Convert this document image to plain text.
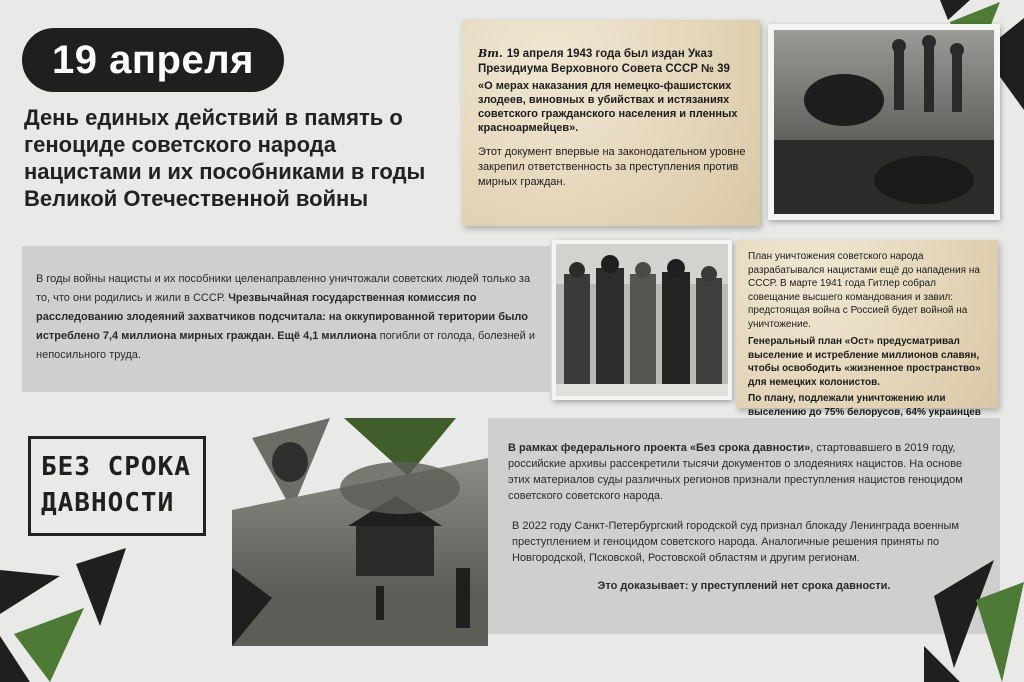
19 апреля
День единых действий в память о геноциде советского народа нацистами и их пособниками в годы Великой Отечественной войны
Вт. 19 апреля 1943 года был издан Указ Президиума Верховного Совета СССР № 39
«О мерах наказания для немецко-фашистских злодеев, виновных в убийствах и истязаниях советского гражданского населения и пленных красноармейцев».
Этот документ впервые на законодательном уровне закрепил ответственность за преступления против мирных граждан.
В годы войны нацисты и их пособники целенаправленно уничтожали советских людей только за то, что они родились и жили в СССР. Чрезвычайная государственная комиссия по расследованию злодеяний захватчиков подсчитала: на оккупированной територии было истреблено 7,4 миллиона мирных граждан. Ещё 4,1 миллиона погибли от голода, болезней и непосильного труда.
План уничтожения советского народа разрабатывался нацистами ещё до нападения на СССР. В марте 1941 года Гитлер собрал совещание высшего командования и завил: предстоящая война с Россией будет войной на уничтожение.
Генеральный план «Ост» предусматривал выселение и истребление миллионов славян, чтобы освободить «жизненное пространство» для немецких колонистов.
По плану, подлежали уничтожению или выселению до 75% белорусов, 64% украинцев
БЕЗ СРОКА
ДАВНОСТИ
В рамках федерального проекта «Без срока давности», стартовавшего в 2019 году, российские архивы рассекретили тысячи документов о злодеяниях нацистов. На основе этих материалов суды различных регионов признали преступления нацистов геноцидом советского советского народа.
В 2022 году Санкт-Петербургский городской суд признал блокаду Ленинграда военным преступлением и геноцидом советского народа. Аналогичные решения приняты по Новгородской, Псковской, Ростовской областям и другим регионам.
Это доказывает: у преступлений нет срока давности.
